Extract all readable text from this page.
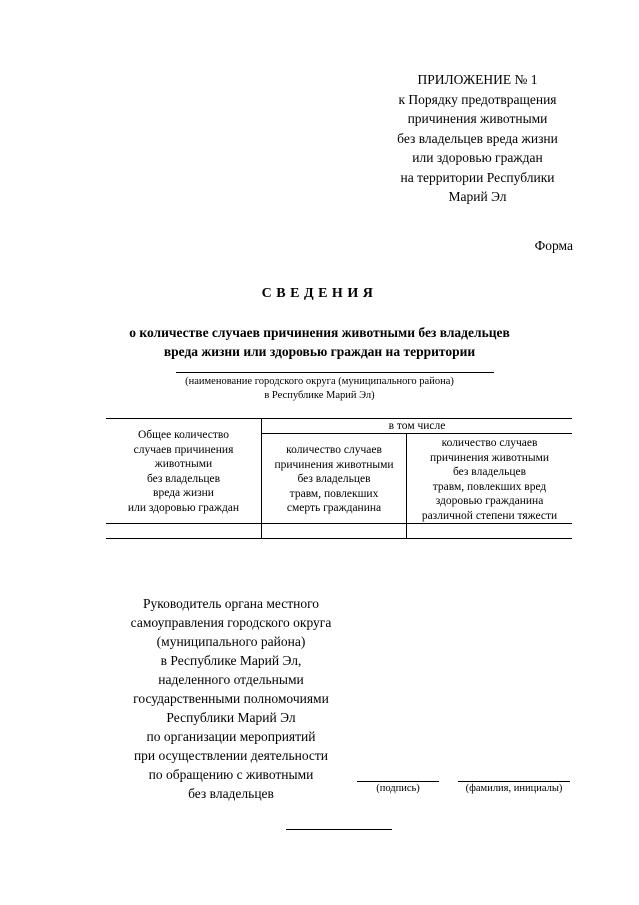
ПРИЛОЖЕНИЕ № 1
к Порядку предотвращения
причинения животными
без владельцев вреда жизни
или здоровью граждан
на территории Республики
Марий Эл
Форма
СВЕДЕНИЯ
о количестве случаев причинения животными без владельцев
вреда жизни или здоровью граждан на территории
(наименование городского округа (муниципального района)
в Республике Марий Эл)
Общее количество
случаев причинения
животными
без владельцев
вреда жизни
или здоровью граждан
в том числе
количество случаев
причинения животными
без владельцев
травм, повлекших
смерть гражданина
количество случаев
причинения животными
без владельцев
травм, повлекших вред
здоровью гражданина
различной степени тяжести
Руководитель органа местного
самоуправления городского округа
(муниципального района)
в Республике Марий Эл,
наделенного отдельными
государственными полномочиями
Республики Марий Эл
по организации мероприятий
при осуществлении деятельности
по обращению с животными
без владельцев	(подпись)	(фамилия, инициалы)
